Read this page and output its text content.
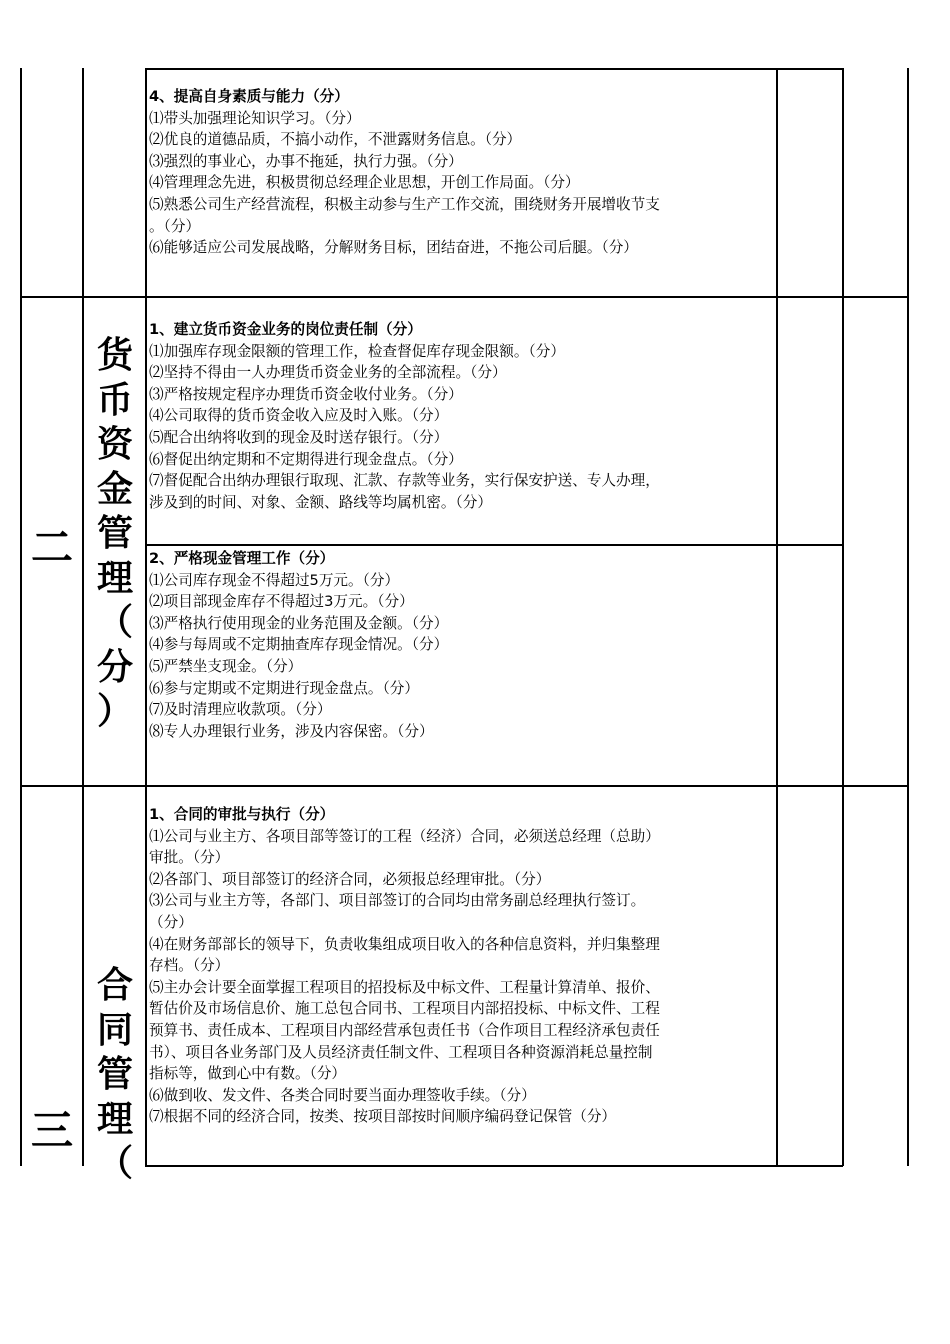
4、提高自身素质与能力（分）
⑴带头加强理论知识学习。（分）
⑵优良的道德品质，不搞小动作，不泄露财务信息。（分）
⑶强烈的事业心，办事不拖延，执行力强。（分）
⑷管理理念先进，积极贯彻总经理企业思想，开创工作局面。（分）
⑸熟悉公司生产经营流程，积极主动参与生产工作交流，围绕财务开展增收节支
。（分）
⑹能够适应公司发展战略，分解财务目标，团结奋进，不拖公司后腿。（分）
二
货
币
资
金
管
理
（
分
）
1、建立货币资金业务的岗位责任制（分）
⑴加强库存现金限额的管理工作，检查督促库存现金限额。（分）
⑵坚持不得由一人办理货币资金业务的全部流程。（分）
⑶严格按规定程序办理货币资金收付业务。（分）
⑷公司取得的货币资金收入应及时入账。（分）
⑸配合出纳将收到的现金及时送存银行。（分）
⑹督促出纳定期和不定期得进行现金盘点。（分）
⑺督促配合出纳办理银行取现、汇款、存款等业务，实行保安护送、专人办理，
涉及到的时间、对象、金额、路线等均属机密。（分）
2、严格现金管理工作（分）
⑴公司库存现金不得超过5万元。（分）
⑵项目部现金库存不得超过3万元。（分）
⑶严格执行使用现金的业务范围及金额。（分）
⑷参与每周或不定期抽查库存现金情况。（分）
⑸严禁坐支现金。（分）
⑹参与定期或不定期进行现金盘点。（分）
⑺及时清理应收款项。（分）
⑻专人办理银行业务，涉及内容保密。（分）
三
合
同
管
理
（
1、合同的审批与执行（分）
⑴公司与业主方、各项目部等签订的工程（经济）合同，必须送总经理（总助）
审批。（分）
⑵各部门、项目部签订的经济合同，必须报总经理审批。（分）
⑶公司与业主方等，各部门、项目部签订的合同均由常务副总经理执行签订。
（分）
⑷在财务部部长的领导下，负责收集组成项目收入的各种信息资料，并归集整理
存档。（分）
⑸主办会计要全面掌握工程项目的招投标及中标文件、工程量计算清单、报价、
暂估价及市场信息价、施工总包合同书、工程项目内部招投标、中标文件、工程
预算书、责任成本、工程项目内部经营承包责任书（合作项目工程经济承包责任
书）、项目各业务部门及人员经济责任制文件、工程项目各种资源消耗总量控制
指标等，做到心中有数。（分）
⑹做到收、发文件、各类合同时要当面办理签收手续。（分）
⑺根据不同的经济合同，按类、按项目部按时间顺序编码登记保管（分）
